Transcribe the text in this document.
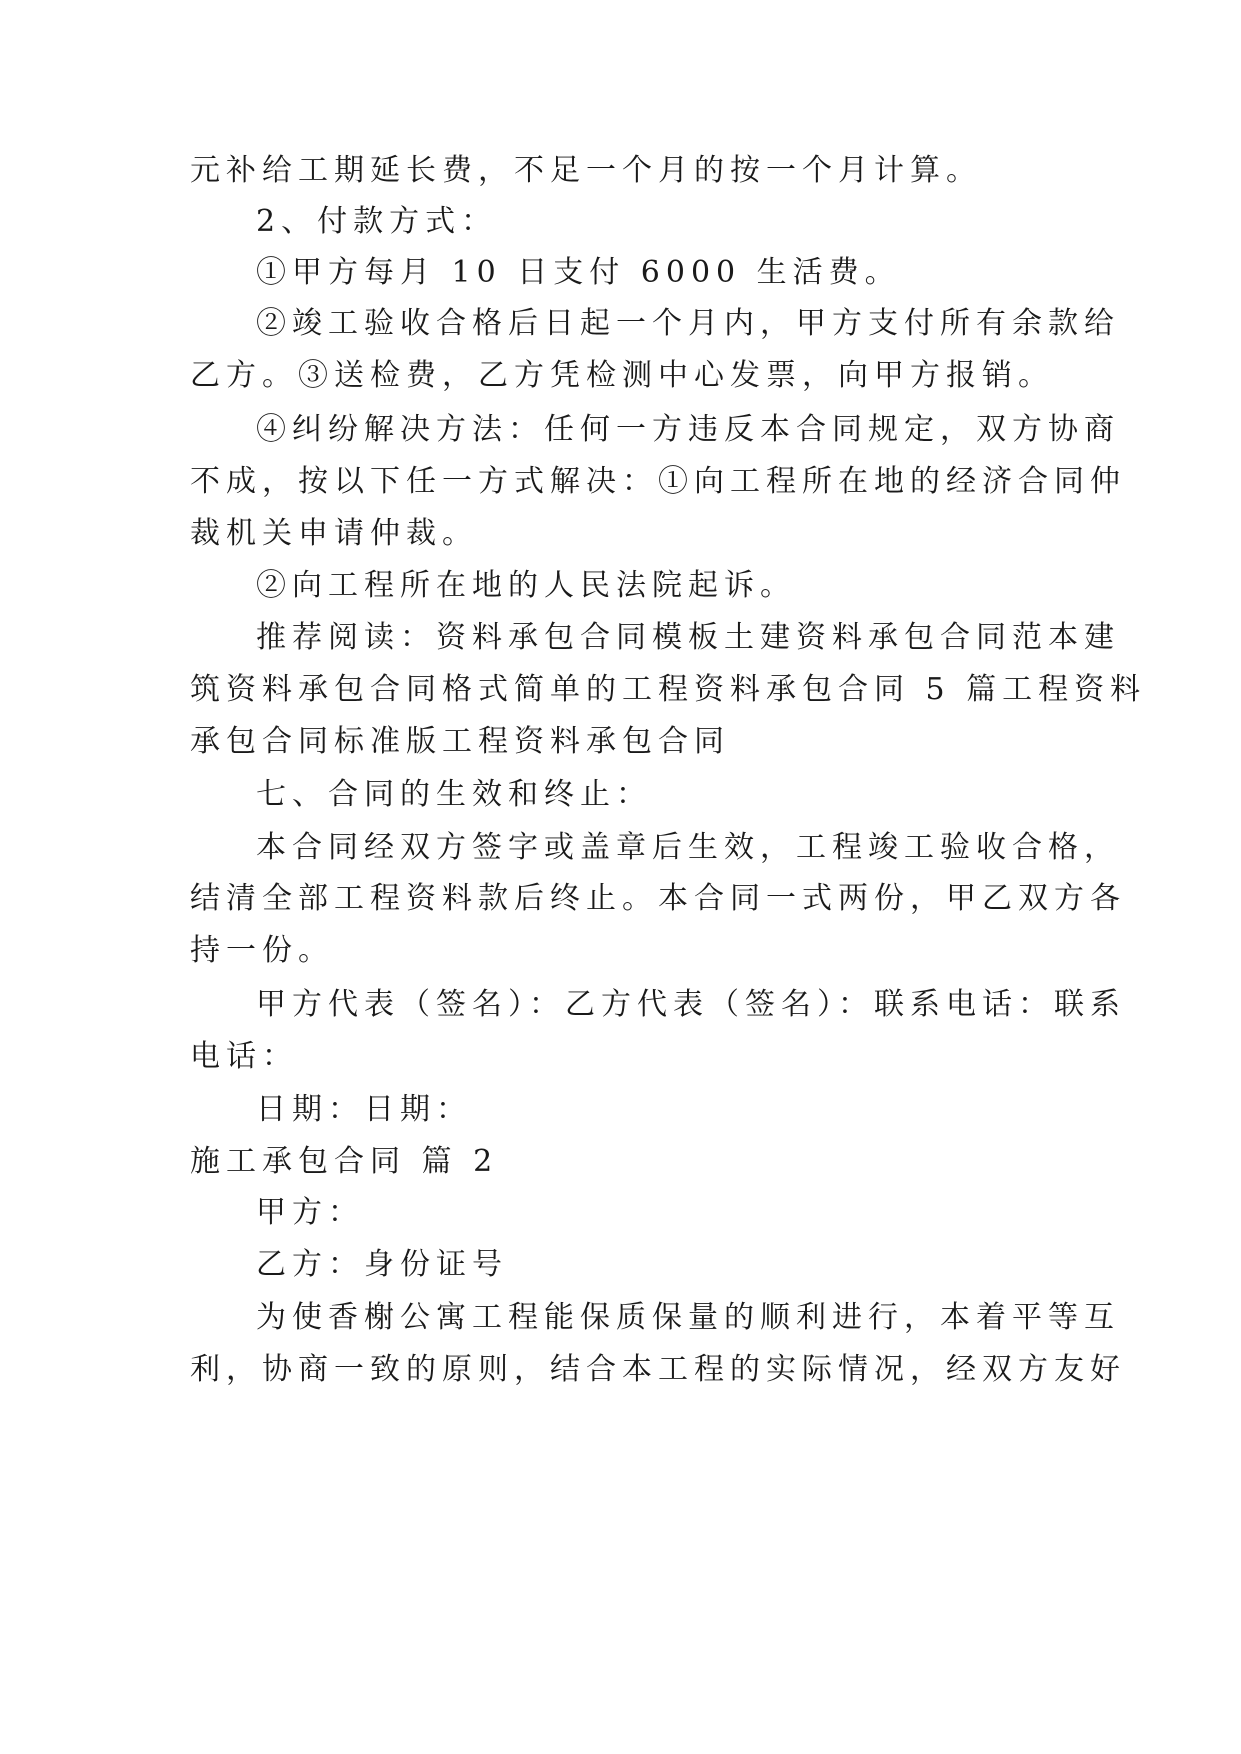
元补给工期延长费，不足一个月的按一个月计算。
2、付款方式：
①甲方每月 10 日支付 6000 生活费。
②竣工验收合格后日起一个月内，甲方支付所有余款给
乙方。③送检费，乙方凭检测中心发票，向甲方报销。
④纠纷解决方法：任何一方违反本合同规定，双方协商
不成，按以下任一方式解决：①向工程所在地的经济合同仲
裁机关申请仲裁。
②向工程所在地的人民法院起诉。
推荐阅读：资料承包合同模板土建资料承包合同范本建
筑资料承包合同格式简单的工程资料承包合同 5 篇工程资料
承包合同标准版工程资料承包合同
七、合同的生效和终止：
本合同经双方签字或盖章后生效，工程竣工验收合格，
结清全部工程资料款后终止。本合同一式两份，甲乙双方各
持一份。
甲方代表（签名）：乙方代表（签名）：联系电话：联系
电话：
日期：日期：
施工承包合同 篇 2
甲方：
乙方：身份证号
为使香榭公寓工程能保质保量的顺利进行，本着平等互
利，协商一致的原则，结合本工程的实际情况，经双方友好
